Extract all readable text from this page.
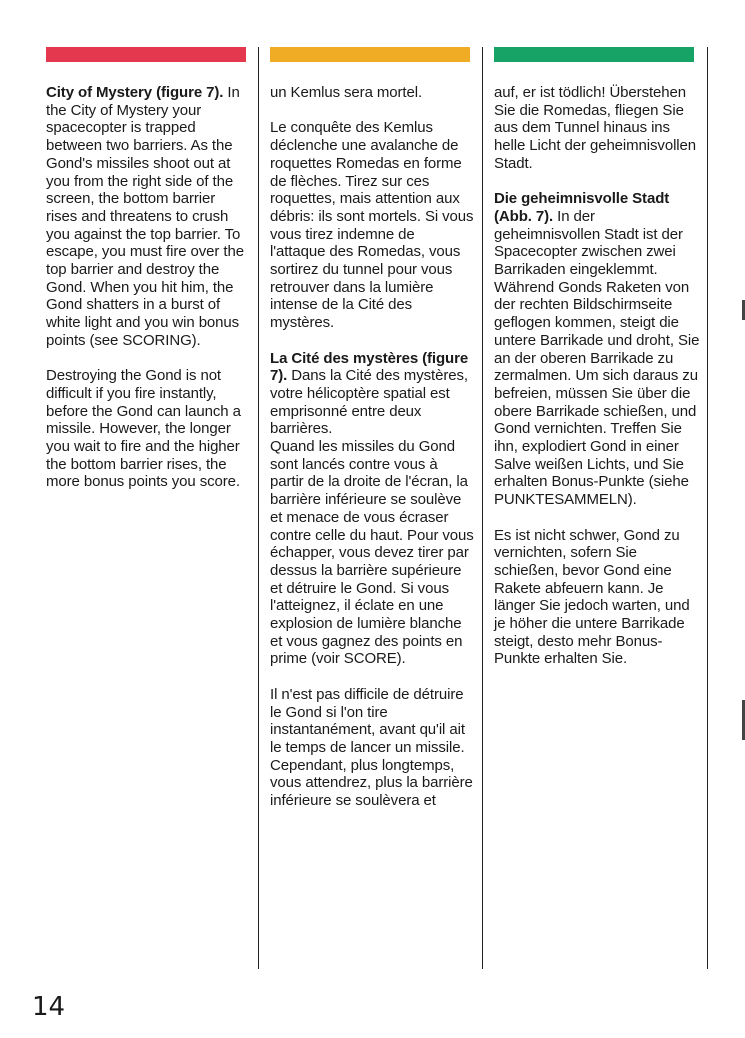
City of Mystery (figure 7). In the City of Mystery your spacecopter is trapped between two barriers. As the Gond's missiles shoot out at you from the right side of the screen, the bottom barrier rises and threatens to crush you against the top barrier. To escape, you must fire over the top barrier and destroy the Gond. When you hit him, the Gond shatters in a burst of white light and you win bonus points (see SCORING).

Destroying the Gond is not difficult if you fire instantly, before the Gond can launch a missile. However, the longer you wait to fire and the higher the bottom barrier rises, the more bonus points you score.

un Kemlus sera mortel.

Le conquête des Kemlus déclenche une avalanche de roquettes Romedas en forme de flèches. Tirez sur ces roquettes, mais attention aux débris: ils sont mortels. Si vous vous tirez indemne de l'attaque des Romedas, vous sortirez du tunnel pour vous retrouver dans la lumière intense de la Cité des mystères.

La Cité des mystères (figure 7). Dans la Cité des mystères, votre hélicoptère spatial est emprisonné entre deux barrières.

Quand les missiles du Gond sont lancés contre vous à partir de la droite de l'écran, la barrière inférieure se soulève et menace de vous écraser contre celle du haut. Pour vous échapper, vous devez tirer par dessus la barrière supérieure et détruire le Gond. Si vous l'atteignez, il éclate en une explosion de lumière blanche et vous gagnez des points en prime (voir SCORE).

Il n'est pas difficile de détruire le Gond si l'on tire instantanément, avant qu'il ait le temps de lancer un missile. Cependant, plus longtemps, vous attendrez, plus la barrière inférieure se soulèvera et

auf, er ist tödlich! Überstehen Sie die Romedas, fliegen Sie aus dem Tunnel hinaus ins helle Licht der geheimnisvollen Stadt.

Die geheimnisvolle Stadt (Abb. 7). In der geheimnisvollen Stadt ist der Spacecopter zwischen zwei Barrikaden eingeklemmt. Während Gonds Raketen von der rechten Bildschirmseite geflogen kommen, steigt die untere Barrikade und droht, Sie an der oberen Barrikade zu zermalmen. Um sich daraus zu befreien, müssen Sie über die obere Barrikade schießen, und Gond vernichten. Treffen Sie ihn, explodiert Gond in einer Salve weißen Lichts, und Sie erhalten Bonus-Punkte (siehe PUNKTESAMMELN).

Es ist nicht schwer, Gond zu vernichten, sofern Sie schießen, bevor Gond eine Rakete abfeuern kann. Je länger Sie jedoch warten, und je höher die untere Barrikade steigt, desto mehr Bonus-Punkte erhalten Sie.

14
